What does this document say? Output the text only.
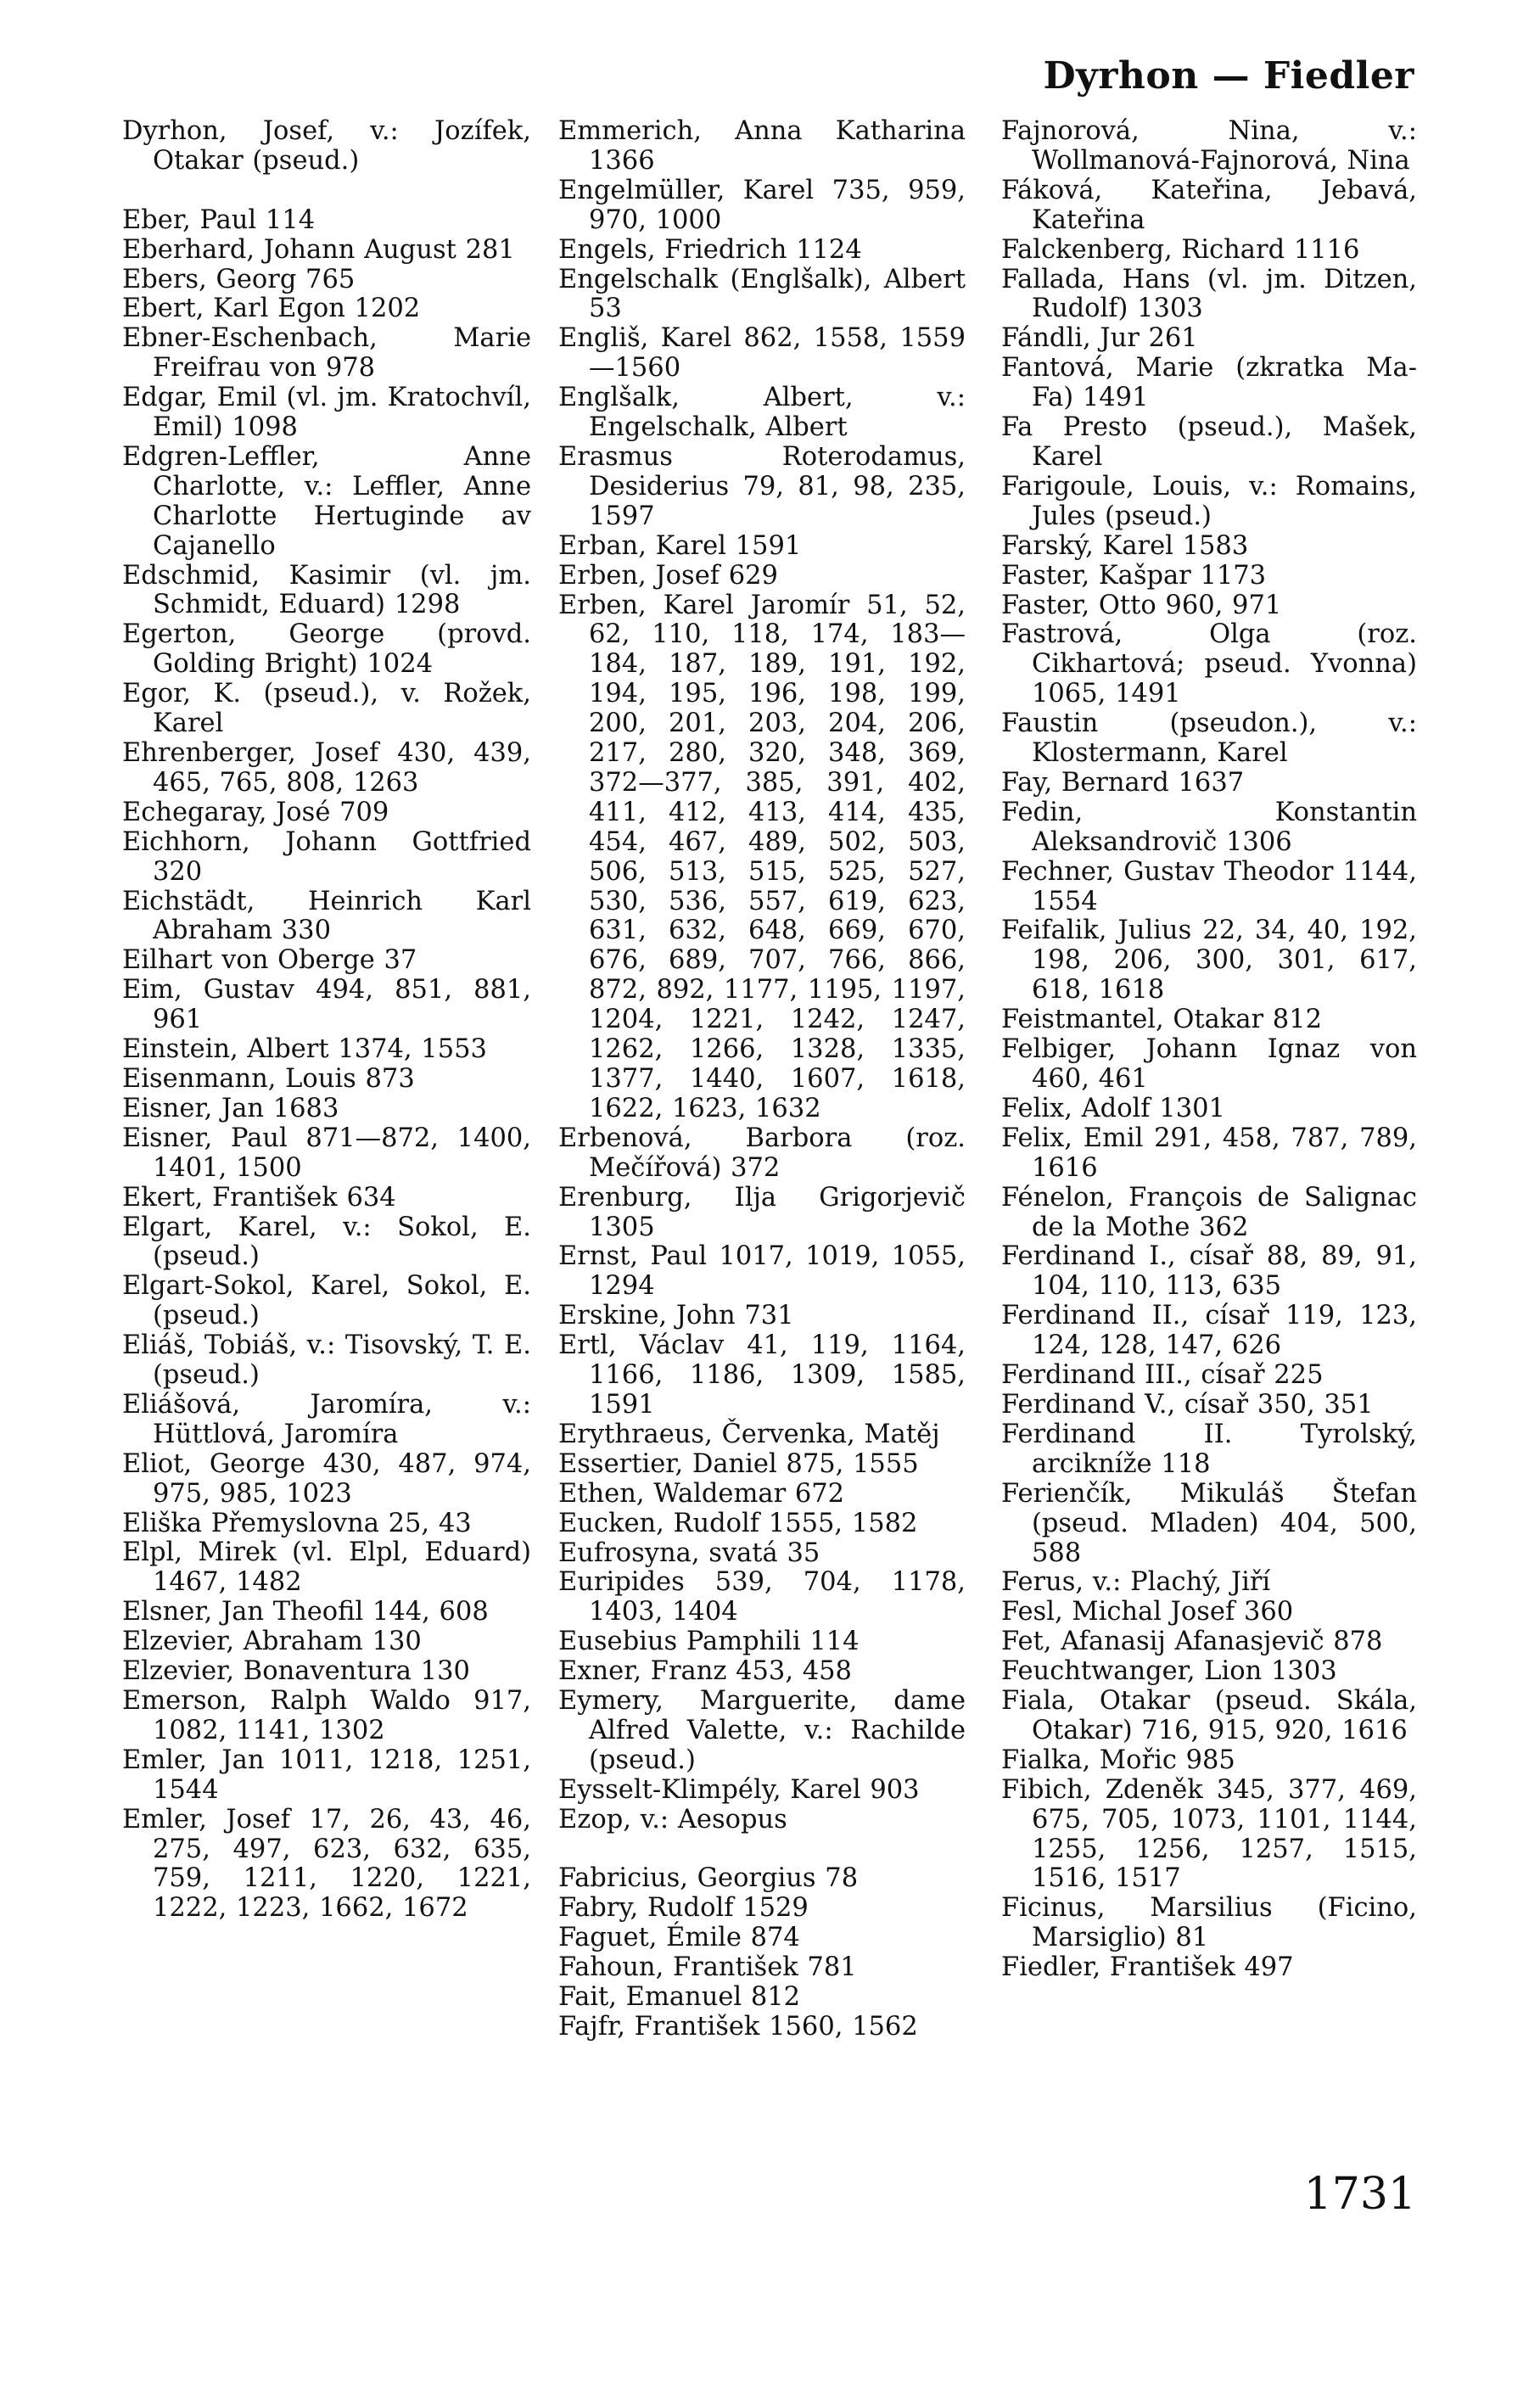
Dyrhon — Fiedler
Dyrhon, Josef, v.: Jozífek, Otakar (pseud.)
Eber, Paul 114
Eberhard, Johann August 281
Ebers, Georg 765
Ebert, Karl Egon 1202
Ebner-Eschenbach, Marie Freifrau von 978
Edgar, Emil (vl. jm. Kratochvíl, Emil) 1098
Edgren-Leffler, Anne Charlotte, v.: Leffler, Anne Charlotte Hertuginde av Cajanello
Edschmid, Kasimir (vl. jm. Schmidt, Eduard) 1298
Egerton, George (provd. Golding Bright) 1024
Egor, K. (pseud.), v. Rožek, Karel
Ehrenberger, Josef 430, 439, 465, 765, 808, 1263
Echegaray, José 709
Eichhorn, Johann Gottfried 320
Eichstädt, Heinrich Karl Abraham 330
Eilhart von Oberge 37
Eim, Gustav 494, 851, 881, 961
Einstein, Albert 1374, 1553
Eisenmann, Louis 873
Eisner, Jan 1683
Eisner, Paul 871—872, 1400, 1401, 1500
Ekert, František 634
Elgart, Karel, v.: Sokol, E. (pseud.)
Elgart-Sokol, Karel, Sokol, E. (pseud.)
Eliáš, Tobiáš, v.: Tisovský, T. E. (pseud.)
Eliášová, Jaromíra, v.: Hüttlová, Jaromíra
Eliot, George 430, 487, 974, 975, 985, 1023
Eliška Přemyslovna 25, 43
Elpl, Mirek (vl. Elpl, Eduard) 1467, 1482
Elsner, Jan Theofil 144, 608
Elzevier, Abraham 130
Elzevier, Bonaventura 130
Emerson, Ralph Waldo 917, 1082, 1141, 1302
Emler, Jan 1011, 1218, 1251, 1544
Emler, Josef 17, 26, 43, 46, 275, 497, 623, 632, 635, 759, 1211, 1220, 1221, 1222, 1223, 1662, 1672
Emmerich, Anna Katharina 1366
Engelmüller, Karel 735, 959, 970, 1000
Engels, Friedrich 1124
Engelschalk (Englšalk), Albert 53
Engliš, Karel 862, 1558, 1559—1560
Englšalk, Albert, v.: Engelschalk, Albert
Erasmus Roterodamus, Desiderius 79, 81, 98, 235, 1597
Erban, Karel 1591
Erben, Josef 629
Erben, Karel Jaromír 51, 52, 62, 110, 118, 174, 183—184, 187, 189, 191, 192, 194, 195, 196, 198, 199, 200, 201, 203, 204, 206, 217, 280, 320, 348, 369, 372—377, 385, 391, 402, 411, 412, 413, 414, 435, 454, 467, 489, 502, 503, 506, 513, 515, 525, 527, 530, 536, 557, 619, 623, 631, 632, 648, 669, 670, 676, 689, 707, 766, 866, 872, 892, 1177, 1195, 1197, 1204, 1221, 1242, 1247, 1262, 1266, 1328, 1335, 1377, 1440, 1607, 1618, 1622, 1623, 1632
Erbenová, Barbora (roz. Mečířová) 372
Erenburg, Ilja Grigorjevič 1305
Ernst, Paul 1017, 1019, 1055, 1294
Erskine, John 731
Ertl, Václav 41, 119, 1164, 1166, 1186, 1309, 1585, 1591
Erythraeus, Červenka, Matěj
Essertier, Daniel 875, 1555
Ethen, Waldemar 672
Eucken, Rudolf 1555, 1582
Eufrosyna, svatá 35
Euripides 539, 704, 1178, 1403, 1404
Eusebius Pamphili 114
Exner, Franz 453, 458
Eymery, Marguerite, dame Alfred Valette, v.: Rachilde (pseud.)
Eysselt-Klimpély, Karel 903
Ezop, v.: Aesopus
Fabricius, Georgius 78
Fabry, Rudolf 1529
Faguet, Émile 874
Fahoun, František 781
Fait, Emanuel 812
Fajfr, František 1560, 1562
Fajnorová, Nina, v.: Wollmanová-Fajnorová, Nina
Fáková, Kateřina, Jebavá, Kateřina
Falckenberg, Richard 1116
Fallada, Hans (vl. jm. Ditzen, Rudolf) 1303
Fándli, Jur 261
Fantová, Marie (zkratka Ma-Fa) 1491
Fa Presto (pseud.), Mašek, Karel
Farigoule, Louis, v.: Romains, Jules (pseud.)
Farský, Karel 1583
Faster, Kašpar 1173
Faster, Otto 960, 971
Fastrová, Olga (roz. Cikhartová; pseud. Yvonna) 1065, 1491
Faustin (pseudon.), v.: Klostermann, Karel
Fay, Bernard 1637
Fedin, Konstantin Aleksandrovič 1306
Fechner, Gustav Theodor 1144, 1554
Feifalik, Julius 22, 34, 40, 192, 198, 206, 300, 301, 617, 618, 1618
Feistmantel, Otakar 812
Felbiger, Johann Ignaz von 460, 461
Felix, Adolf 1301
Felix, Emil 291, 458, 787, 789, 1616
Fénelon, François de Salignac de la Mothe 362
Ferdinand I., císař 88, 89, 91, 104, 110, 113, 635
Ferdinand II., císař 119, 123, 124, 128, 147, 626
Ferdinand III., císař 225
Ferdinand V., císař 350, 351
Ferdinand II. Tyrolský, arcikníže 118
Ferienčík, Mikuláš Štefan (pseud. Mladen) 404, 500, 588
Ferus, v.: Plachý, Jiří
Fesl, Michal Josef 360
Fet, Afanasij Afanasjevič 878
Feuchtwanger, Lion 1303
Fiala, Otakar (pseud. Skála, Otakar) 716, 915, 920, 1616
Fialka, Mořic 985
Fibich, Zdeněk 345, 377, 469, 675, 705, 1073, 1101, 1144, 1255, 1256, 1257, 1515, 1516, 1517
Ficinus, Marsilius (Ficino, Marsiglio) 81
Fiedler, František 497
1731
